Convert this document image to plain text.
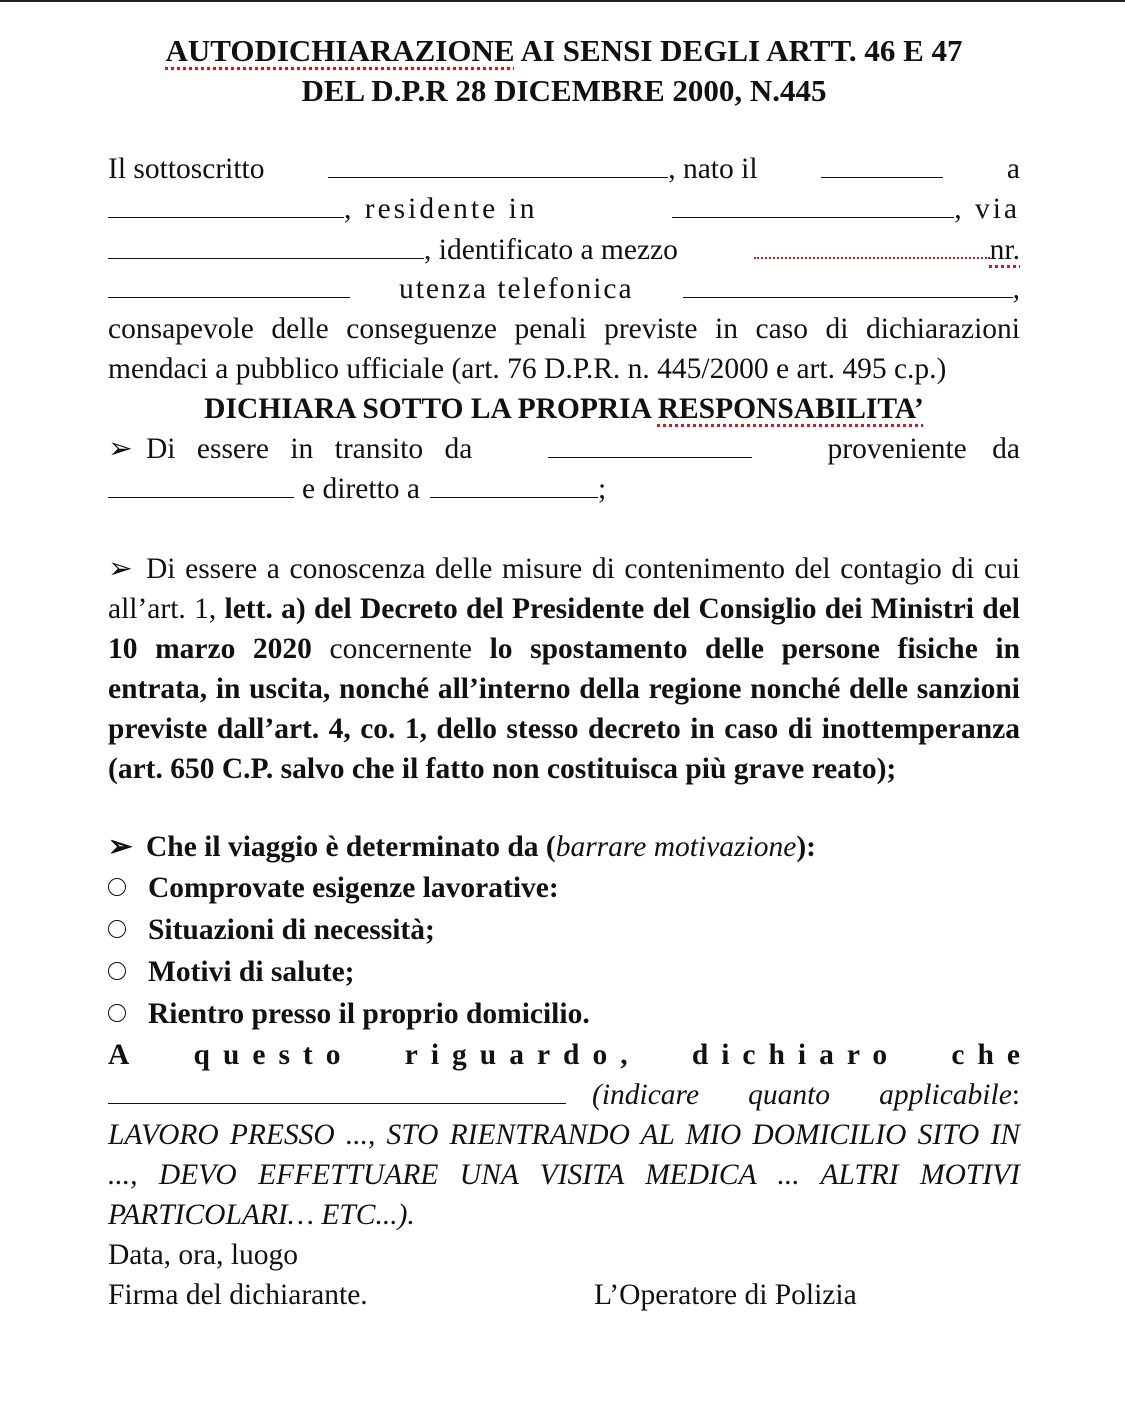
AUTODICHIARAZIONE AI SENSI DEGLI ARTT. 46 E 47
DEL D.P.R 28 DICEMBRE 2000, N.445
Il sottoscritto	, nato il	a
, residente in	, via
, identificato a mezzo	nr.
utenza telefonica	,
consapevole delle conseguenze penali previste in caso di dichiarazioni mendaci a pubblico ufficiale (art. 76 D.P.R. n. 445/2000 e art. 495 c.p.)
DICHIARA SOTTO LA PROPRIA RESPONSABILITA’
➢ Di essere in transito da	proveniente da
e diretto a	;
➢ Di essere a conoscenza delle misure di contenimento del contagio di cui all’art. 1, lett. a) del Decreto del Presidente del Consiglio dei Ministri del 10 marzo 2020 concernente lo spostamento delle persone fisiche in entrata, in uscita, nonché all’interno della regione nonché delle sanzioni previste dall’art. 4, co. 1, dello stesso decreto in caso di inottemperanza (art. 650 C.P. salvo che il fatto non costituisca più grave reato);
➢ Che il viaggio è determinato da (barrare motivazione):
Comprovate esigenze lavorative:
Situazioni di necessità;
Motivi di salute;
Rientro presso il proprio domicilio.
A questo riguardo, dichiaro che
(indicare quanto applicabile: LAVORO PRESSO ..., STO RIENTRANDO AL MIO DOMICILIO SITO IN ..., DEVO EFFETTUARE UNA VISITA MEDICA ... ALTRI MOTIVI PARTICOLARI… ETC...).
Data, ora, luogo
Firma del dichiarante.	L’Operatore di Polizia
